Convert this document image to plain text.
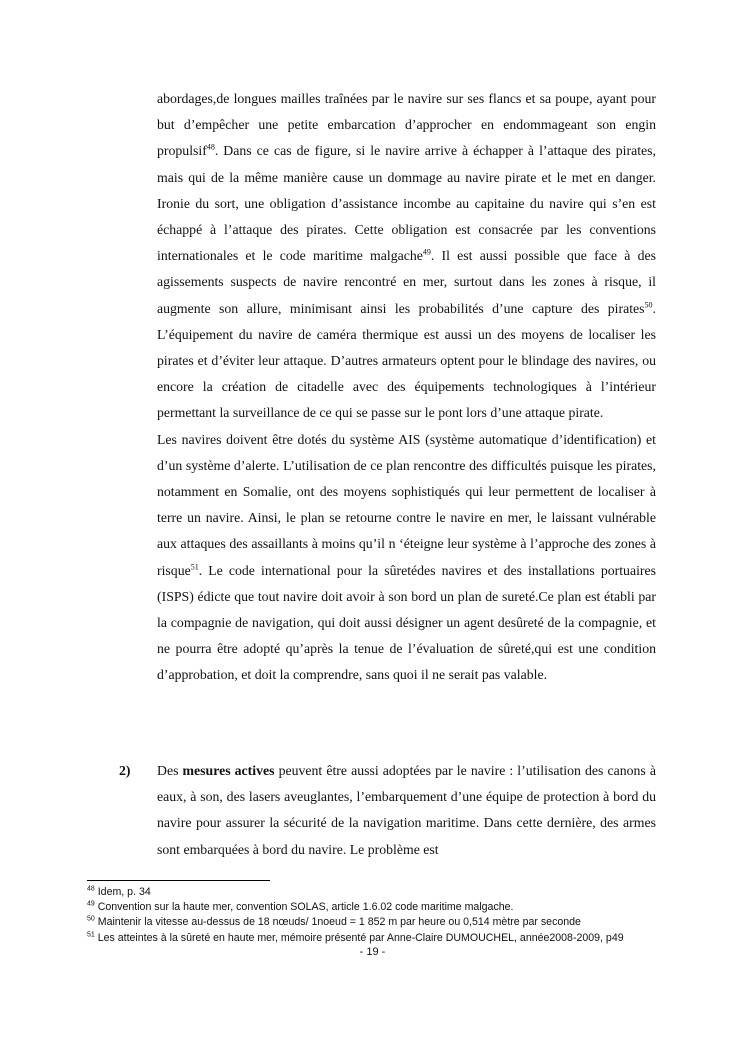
abordages,de longues mailles traînées par le navire sur ses flancs et sa poupe, ayant pour but d’empêcher une petite embarcation d’approcher en endommageant son engin propulsif$^{48}$. Dans ce cas de figure, si le navire arrive à échapper à l’attaque des pirates, mais qui de la même manière cause un dommage au navire pirate et le met en danger. Ironie du sort, une obligation d’assistance incombe au capitaine du navire qui s’en est échappé à l’attaque des pirates. Cette obligation est consacrée par les conventions internationales et le code maritime malgache$^{49}$. Il est aussi possible que face à des agissements suspects de navire rencontré en mer, surtout dans les zones à risque, il augmente son allure, minimisant ainsi les probabilités d’une capture des pirates$^{50}$. L’équipement du navire de caméra thermique est aussi un des moyens de localiser les pirates et d’éviter leur attaque. D’autres armateurs optent pour le blindage des navires, ou encore la création de citadelle avec des équipements technologiques à l’intérieur permettant la surveillance de ce qui se passe sur le pont lors d’une attaque pirate.

Les navires doivent être dotés du système AIS (système automatique d’identification) et d’un système d’alerte. L’utilisation de ce plan rencontre des difficultés puisque les pirates, notamment en Somalie, ont des moyens sophistiqués qui leur permettent de localiser à terre un navire. Ainsi, le plan se retourne contre le navire en mer, le laissant vulnérable aux attaques des assaillants à moins qu’il n ‘éteigne leur système à l’approche des zones à risque$^{51}$. Le code international pour la sûretédes navires et des installations portuaires (ISPS) édicte que tout navire doit avoir à son bord un plan de sureté.Ce plan est établi par la compagnie de navigation, qui doit aussi désigner un agent desûreté de la compagnie, et ne pourra être adopté qu’après la tenue de l’évaluation de sûreté,qui est une condition d’approbation, et doit la comprendre, sans quoi il ne serait pas valable.

2) Des mesures actives peuvent être aussi adoptées par le navire : l’utilisation des canons à eaux, à son, des lasers aveuglantes, l’embarquement d’une équipe de protection à bord du navire pour assurer la sécurité de la navigation maritime. Dans cette dernière, des armes sont embarquées à bord du navire. Le problème est
$^{48}$ Idem, p. 34
$^{49}$ Convention sur la haute mer, convention SOLAS, article 1.6.02 code maritime malgache.
$^{50}$ Maintenir la vitesse au-dessus de 18 nœuds/ 1noeud = 1 852 m par heure ou 0,514 mètre par seconde
$^{51}$ Les atteintes à la sûreté en haute mer, mémoire présenté par Anne-Claire DUMOUCHEL, année2008-2009, p49
- 19 -
